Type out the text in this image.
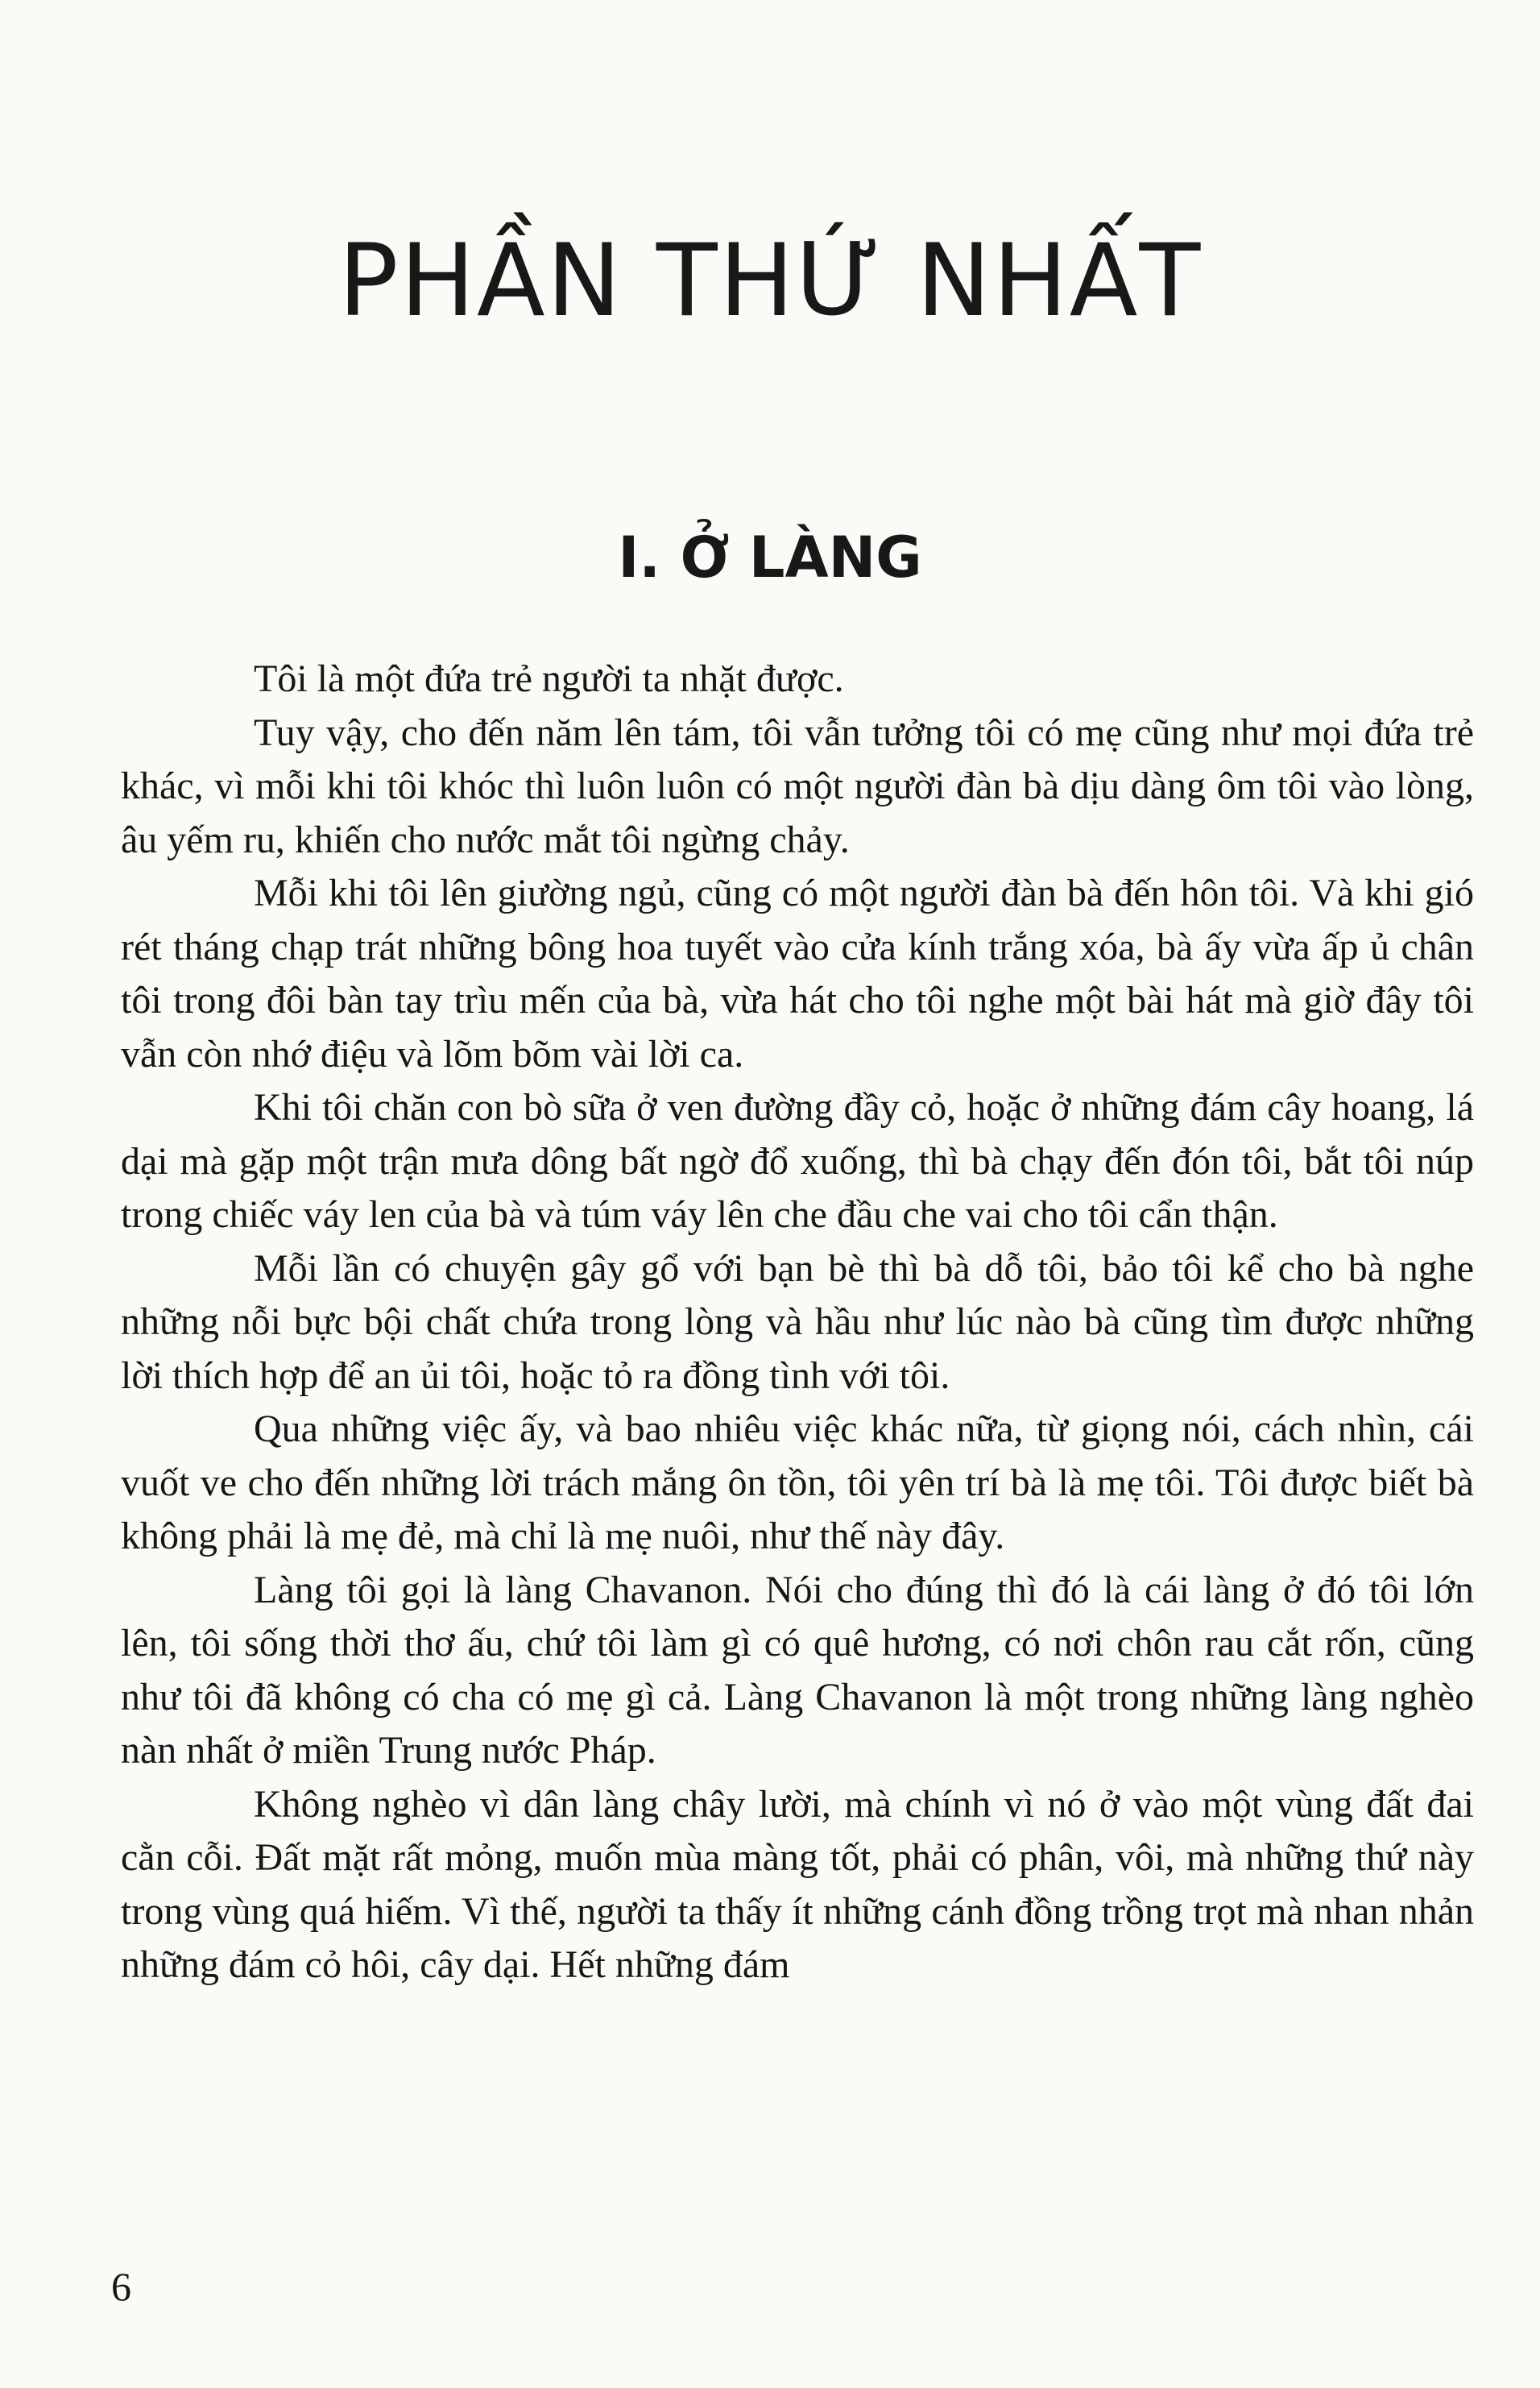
PHẦN THỨ NHẤT
I. Ở LÀNG

Tôi là một đứa trẻ người ta nhặt được.

Tuy vậy, cho đến năm lên tám, tôi vẫn tưởng tôi có mẹ cũng như mọi đứa trẻ khác, vì mỗi khi tôi khóc thì luôn luôn có một người đàn bà dịu dàng ôm tôi vào lòng, âu yếm ru, khiến cho nước mắt tôi ngừng chảy.

Mỗi khi tôi lên giường ngủ, cũng có một người đàn bà đến hôn tôi. Và khi gió rét tháng chạp trát những bông hoa tuyết vào cửa kính trắng xóa, bà ấy vừa ấp ủ chân tôi trong đôi bàn tay trìu mến của bà, vừa hát cho tôi nghe một bài hát mà giờ đây tôi vẫn còn nhớ điệu và lõm bõm vài lời ca.

Khi tôi chăn con bò sữa ở ven đường đầy cỏ, hoặc ở những đám cây hoang, lá dại mà gặp một trận mưa dông bất ngờ đổ xuống, thì bà chạy đến đón tôi, bắt tôi núp trong chiếc váy len của bà và túm váy lên che đầu che vai cho tôi cẩn thận.

Mỗi lần có chuyện gây gổ với bạn bè thì bà dỗ tôi, bảo tôi kể cho bà nghe những nỗi bực bội chất chứa trong lòng và hầu như lúc nào bà cũng tìm được những lời thích hợp để an ủi tôi, hoặc tỏ ra đồng tình với tôi.

Qua những việc ấy, và bao nhiêu việc khác nữa, từ giọng nói, cách nhìn, cái vuốt ve cho đến những lời trách mắng ôn tồn, tôi yên trí bà là mẹ tôi. Tôi được biết bà không phải là mẹ đẻ, mà chỉ là mẹ nuôi, như thế này đây.

Làng tôi gọi là làng Chavanon. Nói cho đúng thì đó là cái làng ở đó tôi lớn lên, tôi sống thời thơ ấu, chứ tôi làm gì có quê hương, có nơi chôn rau cắt rốn, cũng như tôi đã không có cha có mẹ gì cả. Làng Chavanon là một trong những làng nghèo nàn nhất ở miền Trung nước Pháp.

Không nghèo vì dân làng chây lười, mà chính vì nó ở vào một vùng đất đai cằn cỗi. Đất mặt rất mỏng, muốn mùa màng tốt, phải có phân, vôi, mà những thứ này trong vùng quá hiếm. Vì thế, người ta thấy ít những cánh đồng trồng trọt mà nhan nhản những đám cỏ hôi, cây dại. Hết những đám

6
